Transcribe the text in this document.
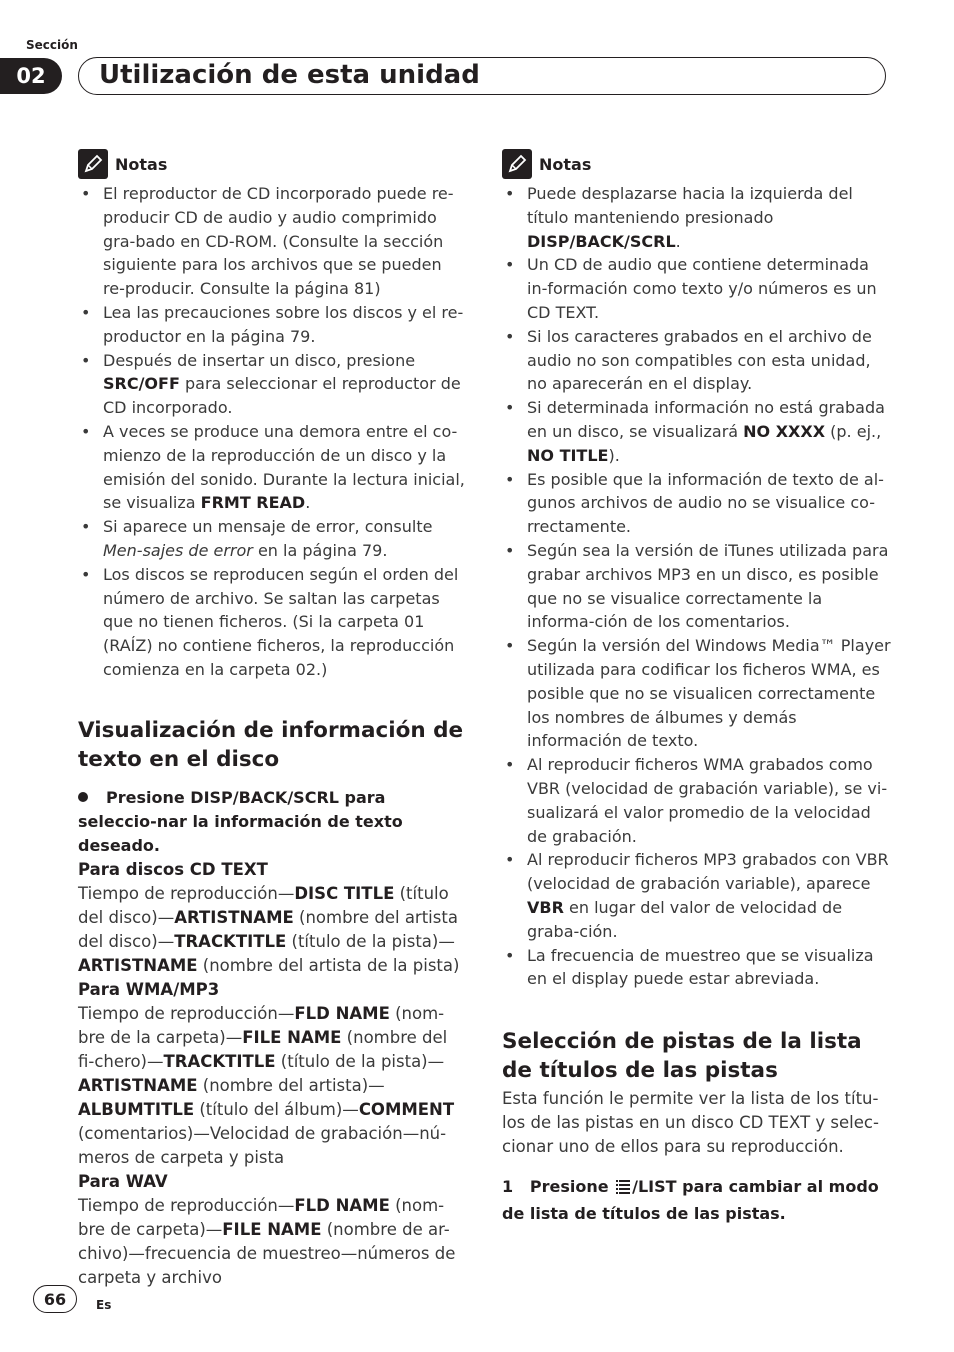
Sección
02	Utilización de esta unidad
Notas
• El reproductor de CD incorporado puede re-producir CD de audio y audio comprimido gra-bado en CD-ROM. (Consulte la sección siguiente para los archivos que se pueden re-producir. Consulte la página 81)
• Lea las precauciones sobre los discos y el re-productor en la página 79.
• Después de insertar un disco, presione SRC/OFF para seleccionar el reproductor de CD incorporado.
• A veces se produce una demora entre el co-mienzo de la reproducción de un disco y la emisión del sonido. Durante la lectura inicial, se visualiza FRMT READ.
• Si aparece un mensaje de error, consulte Men-sajes de error en la página 79.
• Los discos se reproducen según el orden del número de archivo. Se saltan las carpetas que no tienen ficheros. (Si la carpeta 01 (RAÍZ) no contiene ficheros, la reproducción comienza en la carpeta 02.)
Visualización de información de texto en el disco
Presione DISP/BACK/SCRL para seleccio-nar la información de texto deseado.
Para discos CD TEXT
Tiempo de reproducción—DISC TITLE (título del disco)—ARTISTNAME (nombre del artista del disco)—TRACKTITLE (título de la pista)—ARTISTNAME (nombre del artista de la pista)
Para WMA/MP3
Tiempo de reproducción—FLD NAME (nom-bre de la carpeta)—FILE NAME (nombre del fi-chero)—TRACKTITLE (título de la pista)—ARTISTNAME (nombre del artista)—ALBUMTITLE (título del álbum)—COMMENT (comentarios)—Velocidad de grabación—nú-meros de carpeta y pista
Para WAV
Tiempo de reproducción—FLD NAME (nom-bre de carpeta)—FILE NAME (nombre de ar-chivo)—frecuencia de muestreo—números de carpeta y archivo
Notas
• Puede desplazarse hacia la izquierda del título manteniendo presionado DISP/BACK/SCRL.
• Un CD de audio que contiene determinada in-formación como texto y/o números es un CD TEXT.
• Si los caracteres grabados en el archivo de audio no son compatibles con esta unidad, no aparecerán en el display.
• Si determinada información no está grabada en un disco, se visualizará NO XXXX (p. ej., NO TITLE).
• Es posible que la información de texto de al-gunos archivos de audio no se visualice co-rrectamente.
• Según sea la versión de iTunes utilizada para grabar archivos MP3 en un disco, es posible que no se visualice correctamente la informa-ción de los comentarios.
• Según la versión del Windows Media™ Player utilizada para codificar los ficheros WMA, es posible que no se visualicen correctamente los nombres de álbumes y demás información de texto.
• Al reproducir ficheros WMA grabados como VBR (velocidad de grabación variable), se vi-sualizará el valor promedio de la velocidad de grabación.
• Al reproducir ficheros MP3 grabados con VBR (velocidad de grabación variable), aparece VBR en lugar del valor de velocidad de graba-ción.
• La frecuencia de muestreo que se visualiza en el display puede estar abreviada.
Selección de pistas de la lista de títulos de las pistas
Esta función le permite ver la lista de los títu-los de las pistas en un disco CD TEXT y selec-cionar uno de ellos para su reproducción.
1 Presione /LIST para cambiar al modo de lista de títulos de las pistas.
66	Es
